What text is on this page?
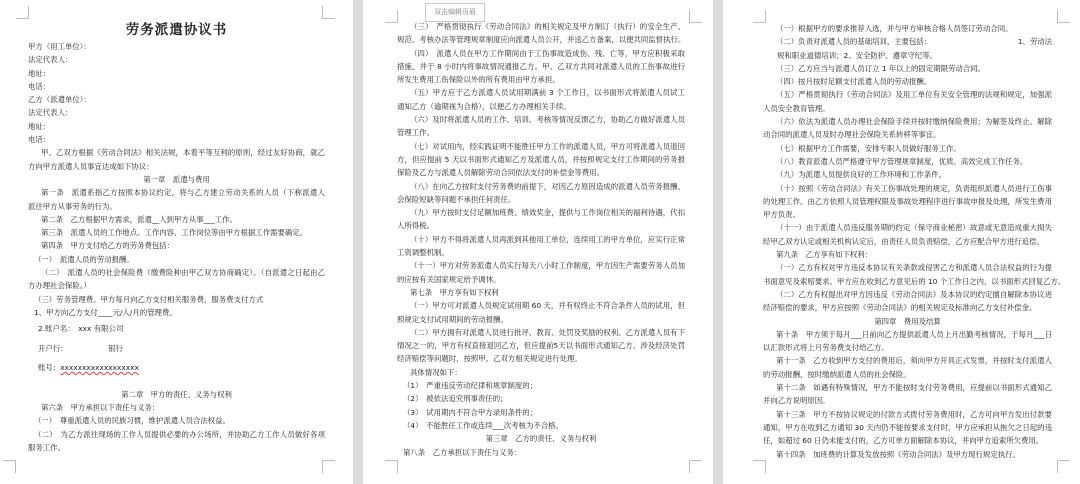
劳务派遣协议书
甲方（用工单位）：
法定代表人：
地址：
电话：
乙方（派遣单位）：
法定代表人：
地址：
电话：
甲、乙双方根据《劳动合同法》相关法规，本着平等互利的原则，经过友好协商，就乙
方向甲方派遣人员事宜达成如下协议：
第一章　派遣与费用
第一条　派遣系指乙方按照本协议约定，将与乙方建立劳动关系的人员（下称派遣人
派往甲方从事劳务的行为。
第二条　乙方根据甲方需求，派遣__人到甲方从事___工作。
第三条　派遣人员的工作地点、工作内容、工作岗位等由甲方根据工作需要确定。
第四条　甲方支付给乙方的劳务费包括：
（一）　派遣人员的劳动报酬。
（二）　派遣人员的社会保险费（缴费险种由甲乙双方协商确定）。（自派遣之日起由乙
方办理社会保险。）
（三）劳务管理费。甲方每月向乙方支付相关服务费，服务费支付方式
1、甲方向乙方支付____元/人/月的管理费。
2.账户名：　xxx 有限公司
开户行：　　　　　　银行
账号：xxxxxxxxxxxxxxxxxx
第二章　甲方的责任、义务与权利
第六条　甲方承担以下责任与义务：
（一）　尊重派遣人员的民族习惯，维护派遣人员合法权益。
（二）　为乙方派往现场的工作人员提供必要的办公场所，并协助乙方工作人员做好各项
服务工作。
双击编辑页眉
（三）　严格贯彻执行《劳动合同法》的相关规定及甲方制订（执行）的安全生产、
规范、考核办法等管理规章制度应向派遣人员公开，并送乙方备案，以便共同监督执行。
（四）　派遣人员在甲方工作期间由于工伤事故造成伤、残、亡等，甲方应积极采取
措施，并于 8 小时内将事故情况通报乙方。甲、乙双方共同对派遣人员的工伤事故进行
所发生费用工伤保险以外的所有费用由甲方承担。
（五）甲方应于乙方派遣人员试用期满前 3 个工作日，以书面形式将派遣人员试工
通知乙方（逾期视为合格），以便乙方办理相关手续。
（六）及时将派遣人员的工作、培训、考核等情况反馈乙方，协助乙方做好派遣人员
管理工作。
（七）对试用内，经实践证明不能胜任甲方工作的派遣人员，甲方可将派遣人员退回
方，但应提前 5 天以书面形式通知乙方及派遣人员，并按照规定支付工作期间的劳务报
保险及乙方与派遣人员解除劳动合同依法支付的补偿金等费用。
（八）在向乙方按时支付劳务费的前提下，对因乙方原因造成的派遣人员劳务报酬、
会保险短缺等问题不承担任何责任。
（九）甲方按时支付足额加班费、绩效奖金，提供与工作岗位相关的福利待遇，代扣
人所得税。
（十）甲方不得将派遣人员再派到其他用工单位，连续用工的甲方单位，应实行正常
工资调整机制。
（十一）甲方对劳务派遣人员实行每天八小时工作制度，甲方因生产需要劳务人员加
的应按有关国家规定给予调休。
第七条　甲方享有如下权利
（一）甲方可对派遣人员规定试用期 60 天，并有权终止不符合条件人员的试用，但
照规定支付试用期间的劳动报酬。
（二）甲方拥有对派遣人员进行批评、教育、处罚及奖励的权利。乙方派遣人员有下
情况之一的，甲方有权直接退回乙方，但应提前5天以书面形式通知乙方。涉及经济处罚
经济赔偿等问题时，按照甲、乙双方相关规定进行处理。
具体情况如下：
（1）　严重违反劳动纪律和规章制度的；
（2）　被依法追究刑事责任的；
（3）　试用期内不符合甲方录用条件的；
（4）　不能胜任工作或连续___次考核为不合格。
第三章　乙方的责任、义务与权利
第八条　乙方承担以下责任与义务：
（一）根据甲方的要求推荐人选，并与甲方审核合格人员签订劳动合同。
（二）负责对派遣人员的基础培训，主要包括：	1、劳动法
规和职业道德培训；2、安全防护、遵章守纪等。
（三）乙方应当与派遣人员订立 1 年以上的固定期限劳动合同。
（四）按月按时足额支付派遣人员的劳动报酬。
（五）严格贯彻执行《劳动合同法》及用工单位有关安全管理的法规和规定，加强派
人员安全教育管理。
（六）依法为派遣人员办理社会保险手续并按时缴纳保险费用；为解签及终止、解除
动合同的派遣人员及时办理社会保险关系转移等事宜。
（七）根据甲方工作需要，安排专职人员做好服务工作。
（八）教育派遣人员严格遵守甲方管理规章制度，优质、高效完成工作任务。
（九）为派遣人员提供良好的工作环境和工作条件。
（十）按照《劳动合同法》有关工伤事故处理的规定，负责组织派遣人员进行工伤事
的处理工作。由乙方依照人员管理权限及事故处理程序进行事故申报及处理，所发生费用
甲方负责。
（十一）由于派遣人员违反服务期的约定（保守商业秘密）故意或无意造成重大损失
经甲乙双方认定或相关机构认定后，由责任人员负责赔偿，乙方应配合甲方进行追偿。
第九条　乙方享有如下权利：
（一）乙方有权对甲方违反本协议有关条款或侵害乙方和派遣人员合法权益的行为提
书面意见及索赔要求。甲方应在收到乙方意见后的 10 个工作日之内，以书面形式回复乙方。
（二）乙方有权提出对甲方因违反《劳动合同法》及本协议的约定擅自解除本协议进
经济赔偿的要求，甲方应按照《劳动合同法》的相关规定及标准向乙方支付补偿金。
第四章　费用及结算
第十条　甲方须于每月___日前向乙方提供派遣人员上月出勤考核情况，于每月___日
以汇款形式将上月劳务费支付给乙方。
第十一条　乙方收到甲方支付的费用后，须向甲方开具正式发票，并按时支付派遣人
的劳动报酬，按时缴纳派遣人员的社会保险。
第十二条　如遇有特殊情况，甲方不能按时支付劳务费用，应提前以书面形式通知乙
并向乙方说明原因。
第十三条　甲方不按协议规定的付款方式拨付劳务费用时，乙方可向甲方发出付款要
通知，甲方在收到乙方通知 30 天内仍不能按要求支付时，甲方应承担从拖欠之日起的违
任，如超过 60 日仍未能支付的，乙方可单方面解除本协议，并向甲方追索所欠费用。
第十四条　加班费的计算及发放按照《劳动合同法》及甲方现行规定执行。
